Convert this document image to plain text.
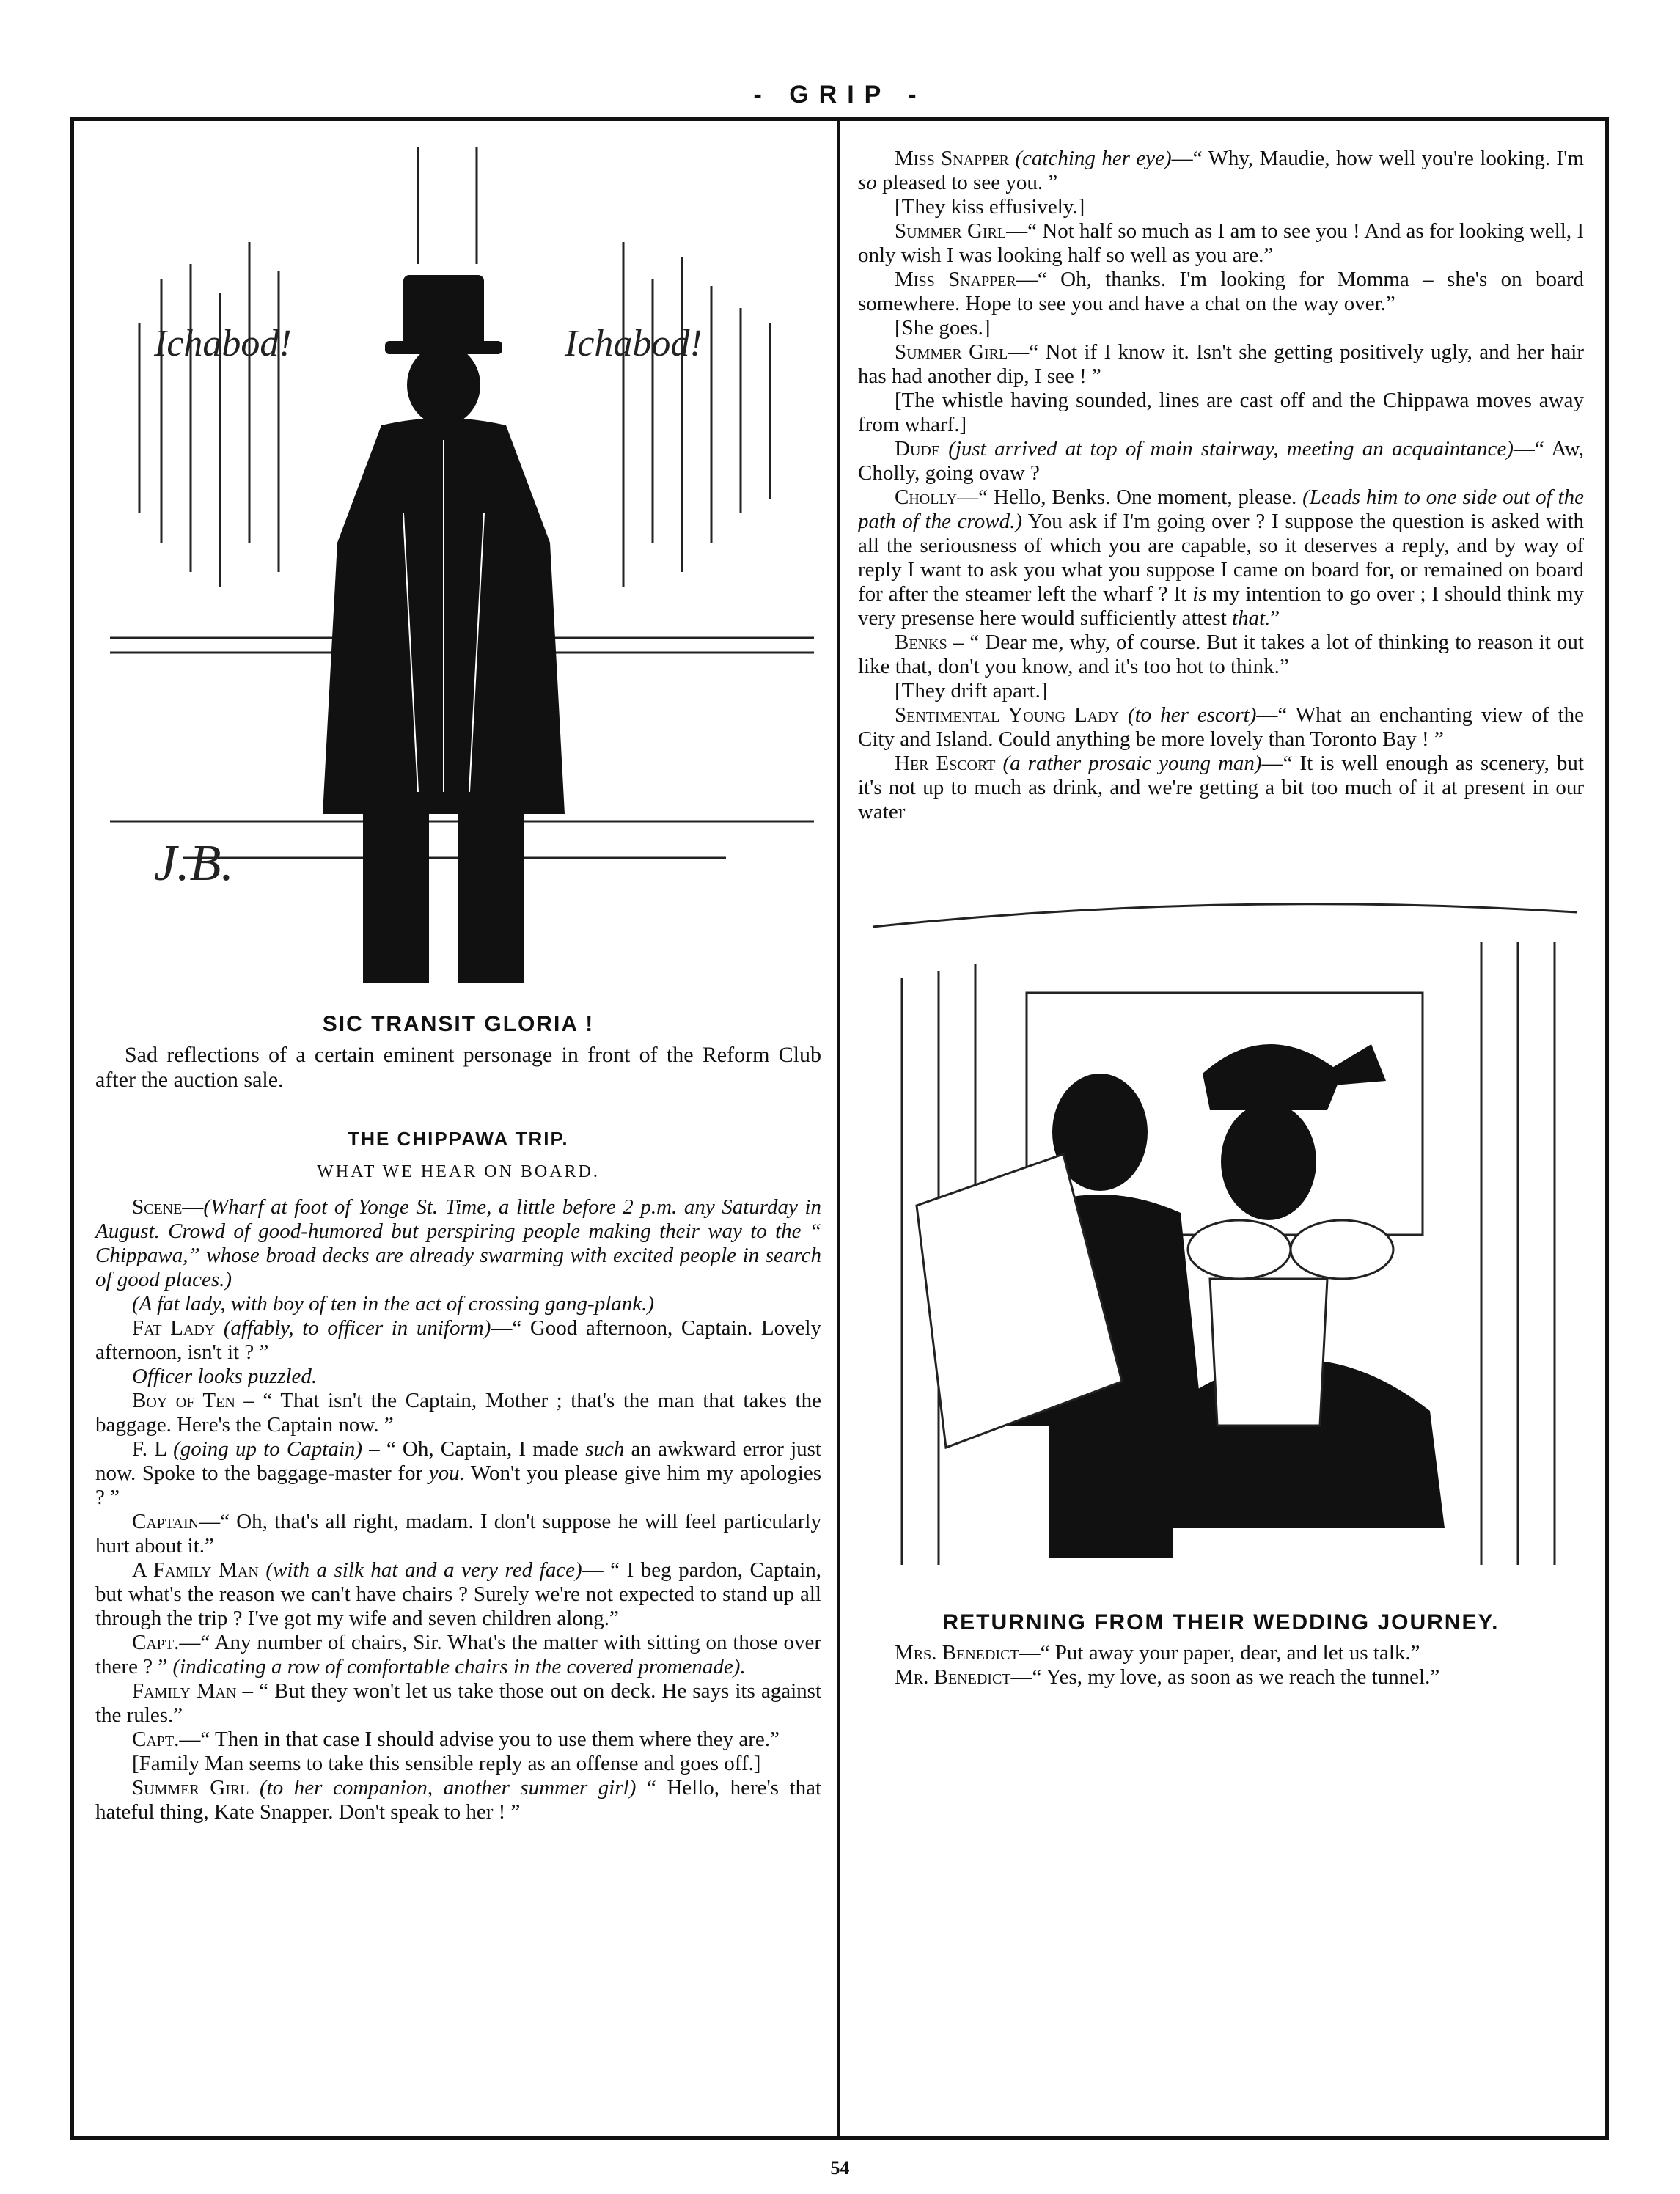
- GRIP -
Ichabod!	Ichabod!
J.B.
SIC TRANSIT GLORIA !

Sad reflections of a certain eminent personage in front of the Reform Club after the auction sale.

THE CHIPPAWA TRIP.
WHAT WE HEAR ON BOARD.

Scene—(Wharf at foot of Yonge St. Time, a little before 2 p.m. any Saturday in August. Crowd of good-humored but perspiring people making their way to the “ Chippawa,” whose broad decks are already swarming with excited people in search of good places.)

(A fat lady, with boy of ten in the act of crossing gang-plank.)

Fat Lady (affably, to officer in uniform)—“ Good afternoon, Captain. Lovely afternoon, isn't it ? ”

Officer looks puzzled.

Boy of Ten – “ That isn't the Captain, Mother ; that's the man that takes the baggage. Here's the Captain now. ”

F. L (going up to Captain) – “ Oh, Captain, I made such an awkward error just now. Spoke to the baggage-master for you. Won't you please give him my apologies ? ”

Captain—“ Oh, that's all right, madam. I don't suppose he will feel particularly hurt about it.”

A Family Man (with a silk hat and a very red face)— “ I beg pardon, Captain, but what's the reason we can't have chairs ? Surely we're not expected to stand up all through the trip ? I've got my wife and seven children along.”

Capt.—“ Any number of chairs, Sir. What's the matter with sitting on those over there ? ” (indicating a row of comfortable chairs in the covered promenade).

Family Man – “ But they won't let us take those out on deck. He says its against the rules.”

Capt.—“ Then in that case I should advise you to use them where they are.”

[Family Man seems to take this sensible reply as an offense and goes off.]

Summer Girl (to her companion, another summer girl) “ Hello, here's that hateful thing, Kate Snapper. Don't speak to her ! ”

Miss Snapper (catching her eye)—“ Why, Maudie, how well you're looking. I'm so pleased to see you. ”

[They kiss effusively.]

Summer Girl—“ Not half so much as I am to see you ! And as for looking well, I only wish I was looking half so well as you are.”

Miss Snapper—“ Oh, thanks. I'm looking for Momma – she's on board somewhere. Hope to see you and have a chat on the way over.”

[She goes.]

Summer Girl—“ Not if I know it. Isn't she getting positively ugly, and her hair has had another dip, I see ! ”

[The whistle having sounded, lines are cast off and the Chippawa moves away from wharf.]

Dude (just arrived at top of main stairway, meeting an acquaintance)—“ Aw, Cholly, going ovaw ?

Cholly—“ Hello, Benks. One moment, please. (Leads him to one side out of the path of the crowd.) You ask if I'm going over ? I suppose the question is asked with all the seriousness of which you are capable, so it deserves a reply, and by way of reply I want to ask you what you suppose I came on board for, or remained on board for after the steamer left the wharf ? It is my intention to go over ; I should think my very presense here would sufficiently attest that.”

Benks – “ Dear me, why, of course. But it takes a lot of thinking to reason it out like that, don't you know, and it's too hot to think.”

[They drift apart.]

Sentimental Young Lady (to her escort)—“ What an enchanting view of the City and Island. Could anything be more lovely than Toronto Bay ! ”

Her Escort (a rather prosaic young man)—“ It is well enough as scenery, but it's not up to much as drink, and we're getting a bit too much of it at present in our water

RETURNING FROM THEIR WEDDING JOURNEY.

Mrs. Benedict—“ Put away your paper, dear, and let us talk.”

Mr. Benedict—“ Yes, my love, as soon as we reach the tunnel.”

54
